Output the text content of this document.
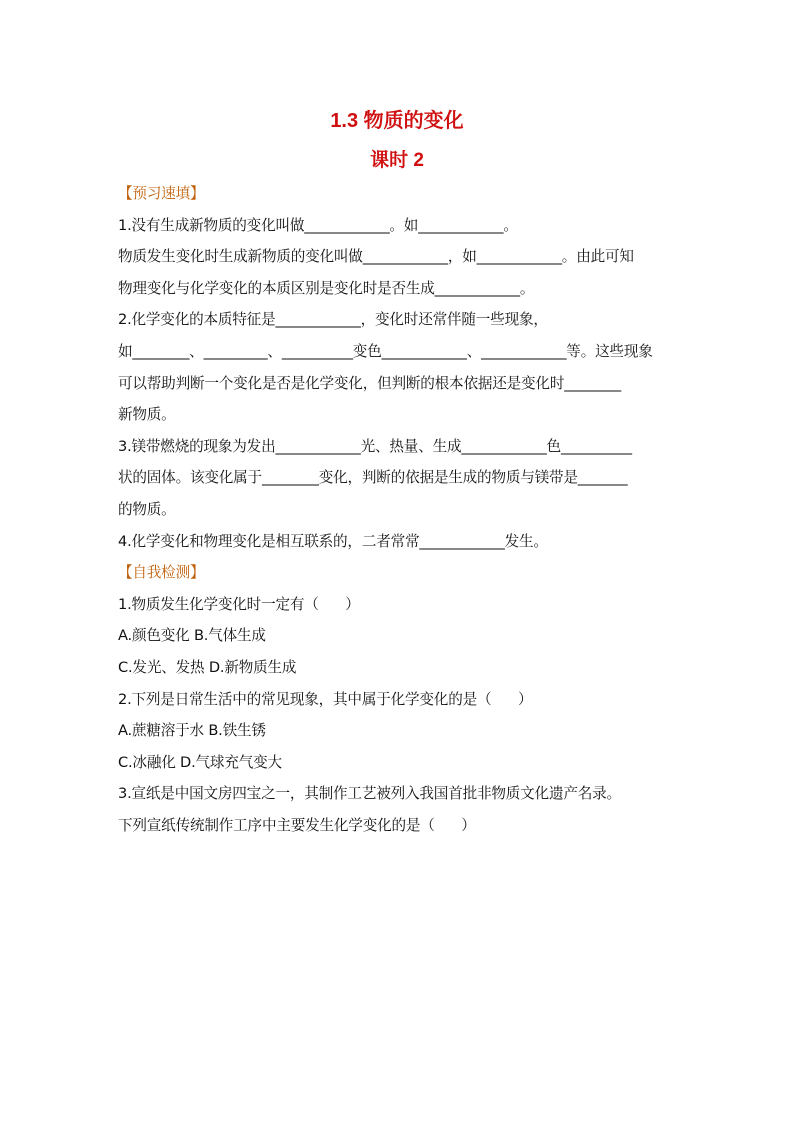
1.3 物质的变化
课时 2
【预习速填】
1.没有生成新物质的变化叫做____________。如____________。
物质发生变化时生成新物质的变化叫做____________，如____________。由此可知
物理变化与化学变化的本质区别是变化时是否生成____________。
2.化学变化的本质特征是____________，变化时还常伴随一些现象，
如________、_________、__________变色____________、____________等。这些现象
可以帮助判断一个变化是否是化学变化，但判断的根本依据还是变化时________
新物质。
3.镁带燃烧的现象为发出____________光、热量、生成____________色__________
状的固体。该变化属于________变化，判断的依据是生成的物质与镁带是_______
的物质。
4.化学变化和物理变化是相互联系的，二者常常____________发生。
【自我检测】
1.物质发生化学变化时一定有（      ）
A.颜色变化 B.气体生成
C.发光、发热 D.新物质生成
2.下列是日常生活中的常见现象，其中属于化学变化的是（      ）
A.蔗糖溶于水 B.铁生锈
C.冰融化 D.气球充气变大
3.宣纸是中国文房四宝之一，其制作工艺被列入我国首批非物质文化遗产名录。
下列宣纸传统制作工序中主要发生化学变化的是（      ）
